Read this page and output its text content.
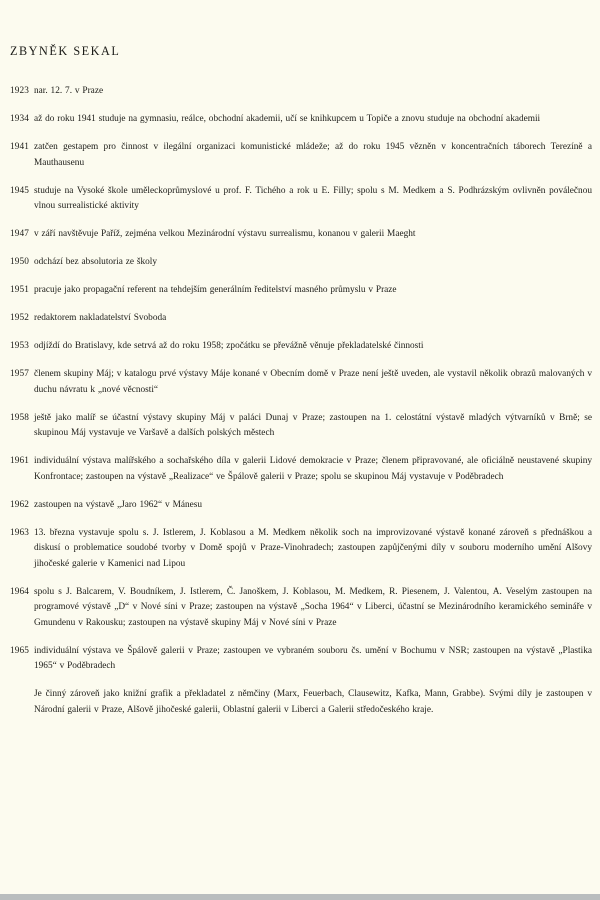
ZBYNĚK SEKAL
1923 nar. 12. 7. v Praze
1934 až do roku 1941 studuje na gymnasiu, reálce, obchodní akademii, učí se knihkupcem u Topiče a znovu studuje na obchodní akademii
1941 zatčen gestapem pro činnost v ilegální organizaci komunistické mládeže; až do roku 1945 vězněn v koncentračních táborech Terezíně a Mauthausenu
1945 studuje na Vysoké škole uměleckoprůmyslové u prof. F. Tichého a rok u E. Filly; spolu s M. Medkem a S. Podhrázským ovlivněn poválečnou vlnou surrealistické aktivity
1947 v září navštěvuje Paříž, zejména velkou Mezinárodní výstavu surrealismu, konanou v galerii Maeght
1950 odchází bez absolutoria ze školy
1951 pracuje jako propagační referent na tehdejším generálním ředitelství masného průmyslu v Praze
1952 redaktorem nakladatelství Svoboda
1953 odjíždí do Bratislavy, kde setrvá až do roku 1958; zpočátku se převážně věnuje překladatelské činnosti
1957 členem skupiny Máj; v katalogu prvé výstavy Máje konané v Obecním domě v Praze není ještě uveden, ale vystavil několik obrazů malovaných v duchu návratu k „nové věcnosti“
1958 ještě jako malíř se účastní výstavy skupiny Máj v paláci Dunaj v Praze; zastoupen na 1. celostátní výstavě mladých výtvarníků v Brně; se skupinou Máj vystavuje ve Varšavě a dalších polských městech
1961 individuální výstava malířského a sochařského díla v galerii Lidové demokracie v Praze; členem připravované, ale oficiálně neustavené skupiny Konfrontace; zastoupen na výstavě „Realizace“ ve Špálově galerii v Praze; spolu se skupinou Máj vystavuje v Poděbradech
1962 zastoupen na výstavě „Jaro 1962“ v Mánesu
1963 13. března vystavuje spolu s. J. Istlerem, J. Koblasou a M. Medkem několik soch na improvizované výstavě konané zároveň s přednáškou a diskusí o problematice soudobé tvorby v Domě spojů v Praze-Vinohradech; zastoupen zapůjčenými díly v souboru moderního umění Alšovy jihočeské galerie v Kamenici nad Lipou
1964 spolu s J. Balcarem, V. Boudníkem, J. Istlerem, Č. Janoškem, J. Koblasou, M. Medkem, R. Piesenem, J. Valentou, A. Veselým zastoupen na programové výstavě „D“ v Nové síni v Praze; zastoupen na výstavě „Socha 1964“ v Liberci, účastní se Mezinárodního keramického semináře v Gmundenu v Rakousku; zastoupen na výstavě skupiny Máj v Nové síni v Praze
1965 individuální výstava ve Špálově galerii v Praze; zastoupen ve vybraném souboru čs. umění v Bochumu v NSR; zastoupen na výstavě „Plastika 1965“ v Poděbradech
Je činný zároveň jako knižní grafik a překladatel z němčiny (Marx, Feuerbach, Clausewitz, Kafka, Mann, Grabbe). Svými díly je zastoupen v Národní galerii v Praze, Alšově jihočeské galerii, Oblastní galerii v Liberci a Galerii středočeského kraje.
